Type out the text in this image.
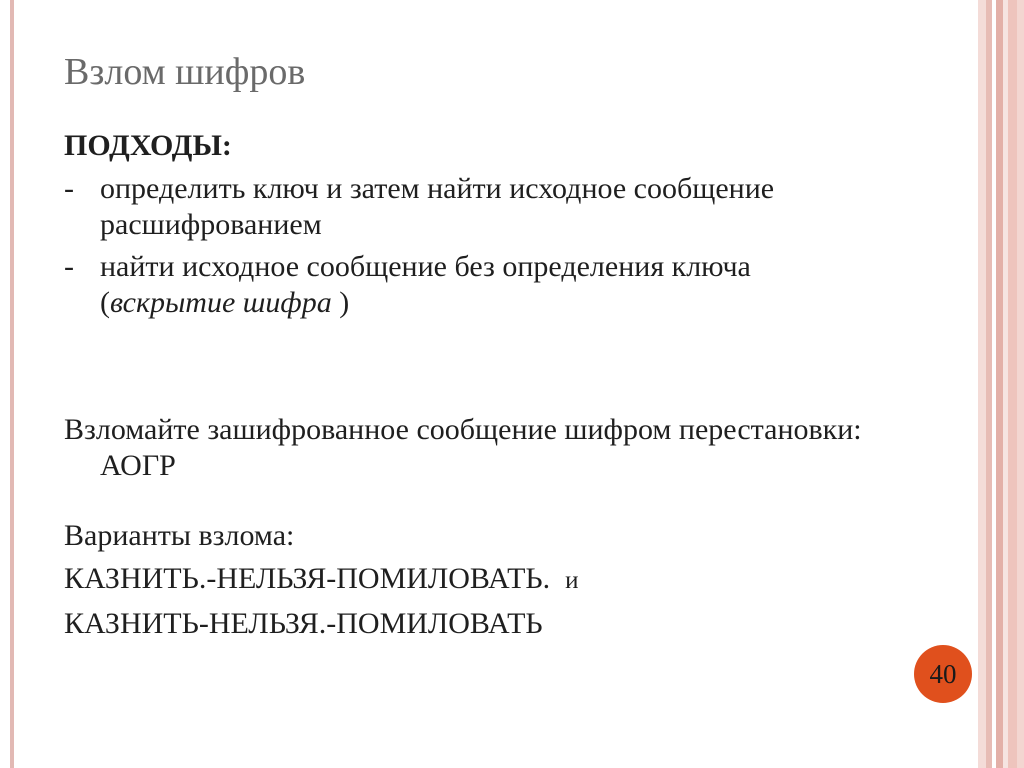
Взлом шифров
ПОДХОДЫ:
- определить ключ и затем найти исходное сообщение расшифрованием
- найти исходное сообщение без определения ключа (вскрытие шифра )
Взломайте зашифрованное сообщение шифром перестановки: АОГР
Варианты взлома:
КАЗНИТЬ.-НЕЛЬЗЯ-ПОМИЛОВАТЬ. и
КАЗНИТЬ-НЕЛЬЗЯ.-ПОМИЛОВАТЬ
40
